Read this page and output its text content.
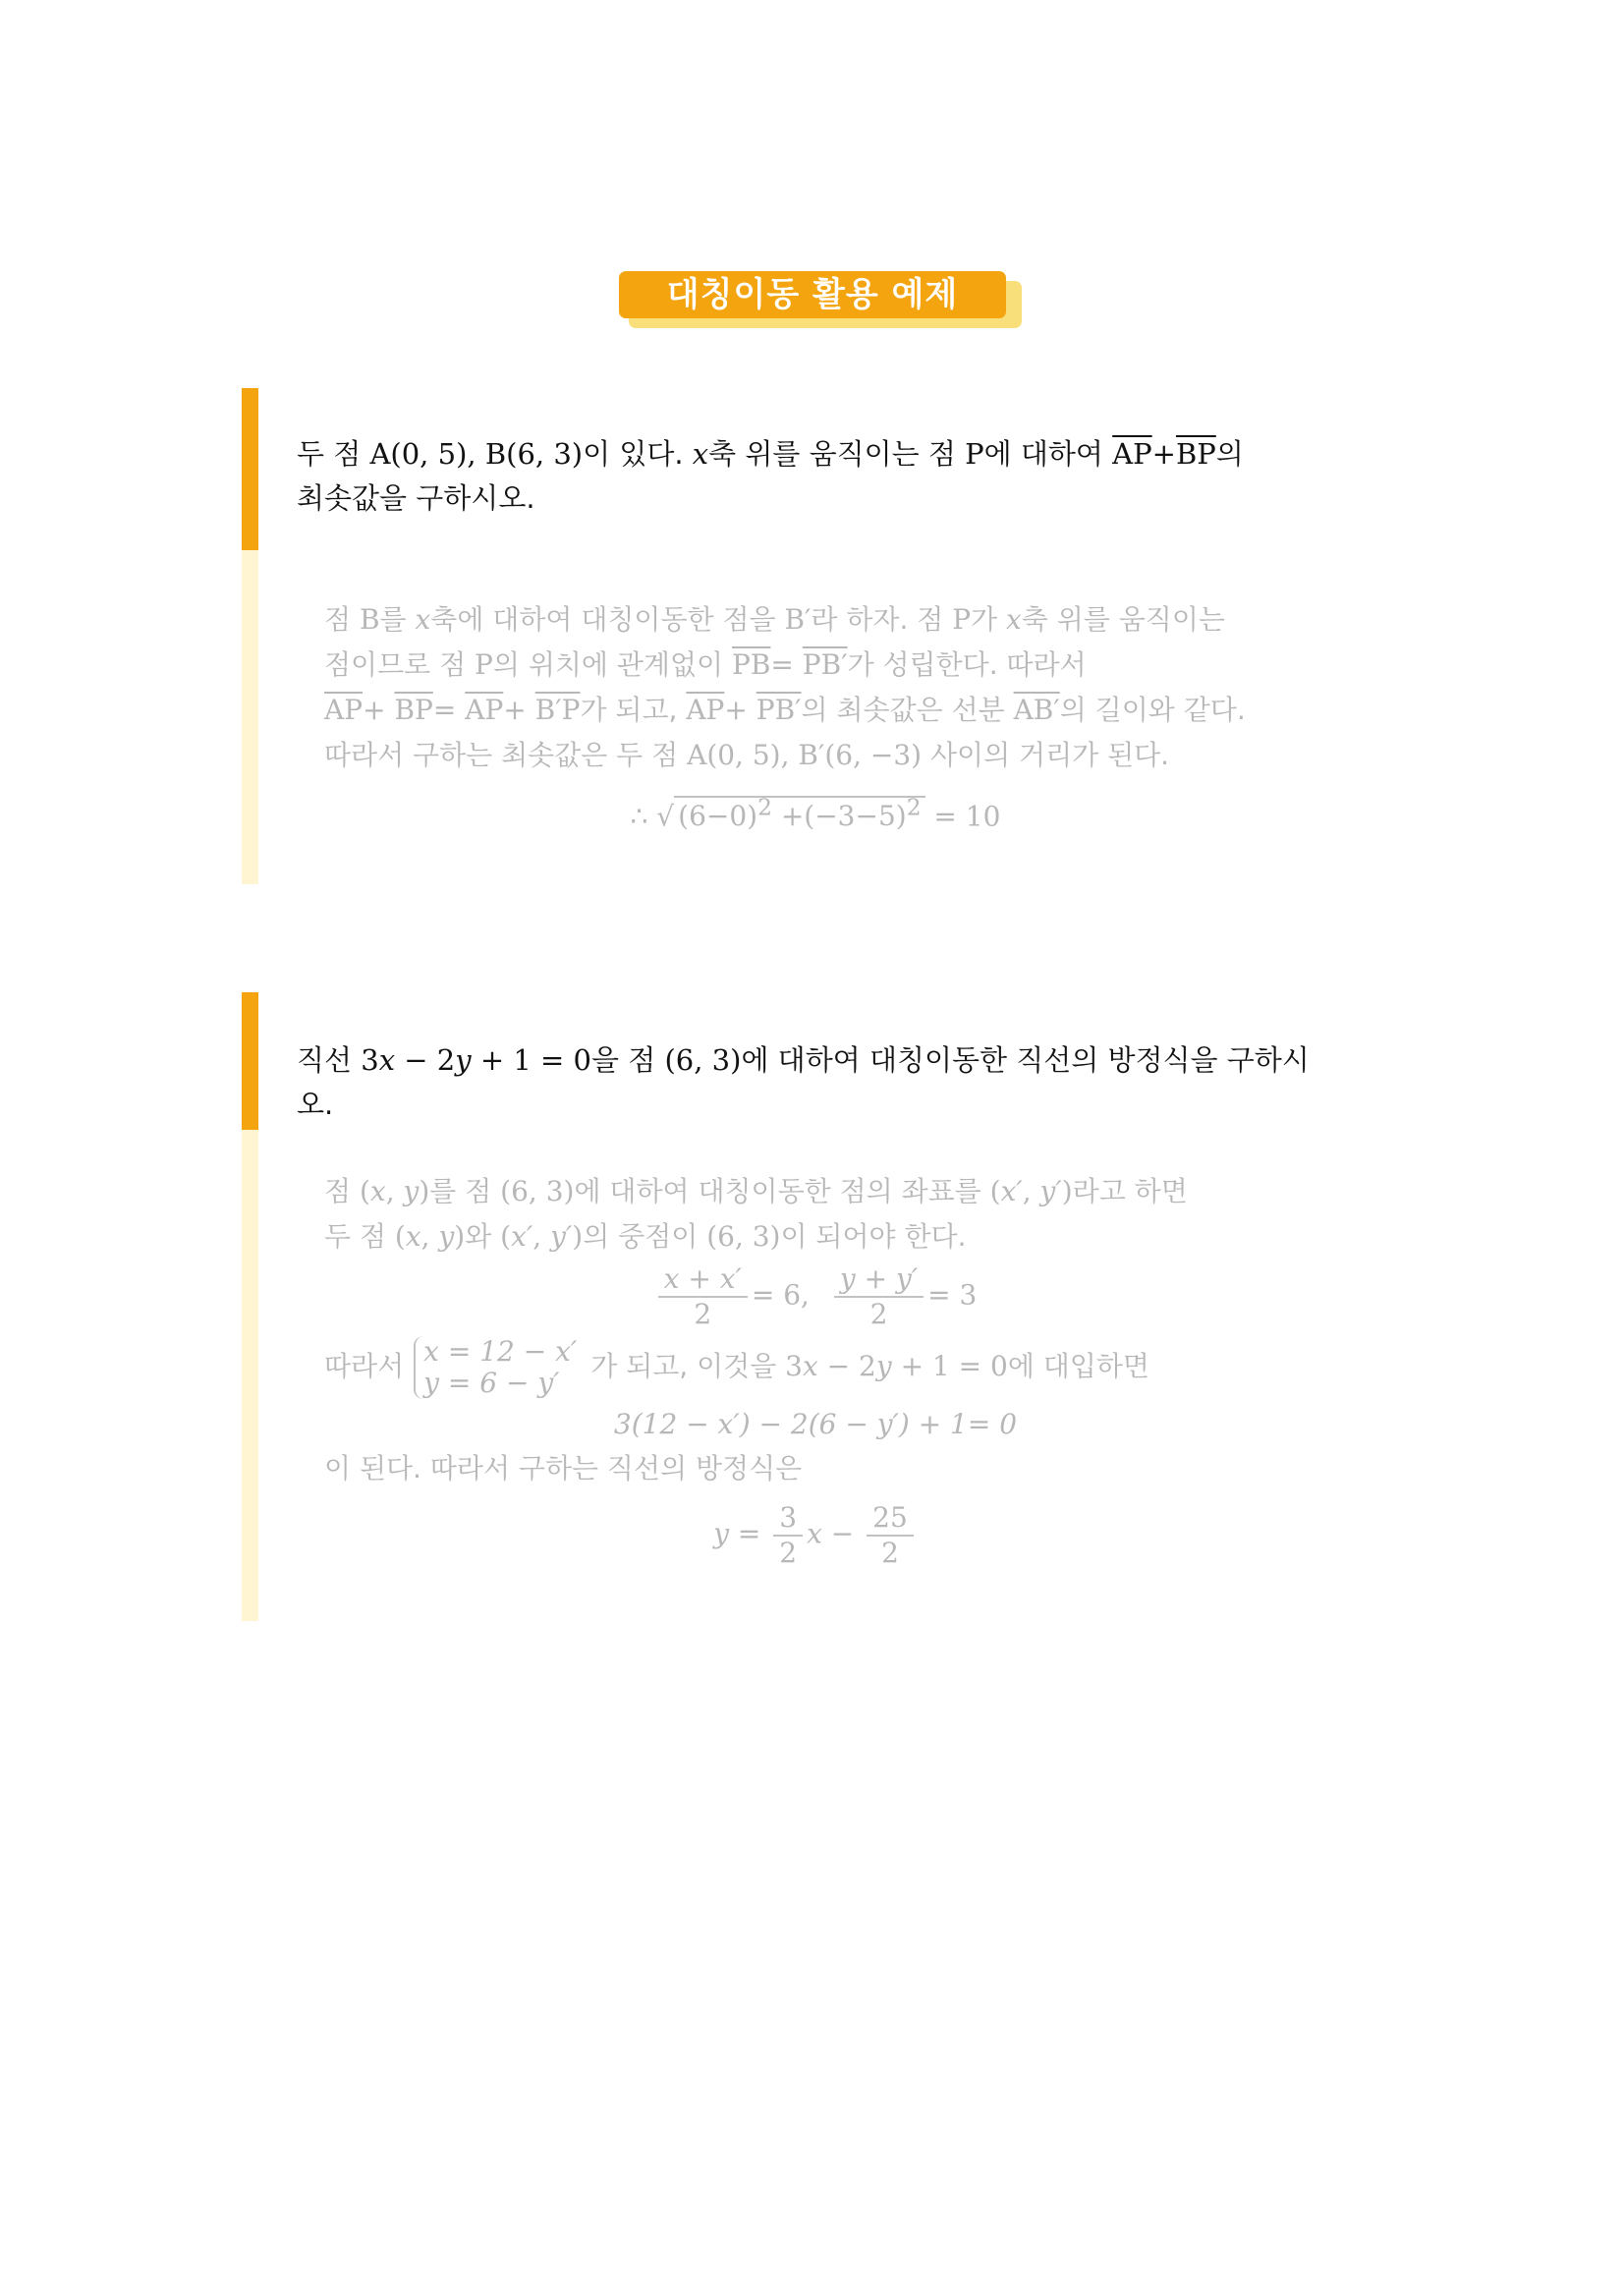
대칭이동 활용 예제
두 점 A(0, 5), B(6, 3)이 있다. x축 위를 움직이는 점 P에 대하여 $\overline{AP}+\overline{BP}$의
최솟값을 구하시오.
점 B를 x축에 대하여 대칭이동한 점을 B′라 하자. 점 P가 x축 위를 움직이는
점이므로 점 P의 위치에 관계없이 $\overline{PB}= PB'$가 성립한다. 따라서
$\overline{AP}+ \overline{BP}= \overline{AP}+ B'P$가 되고, $\overline{AP}+ PB'$의 최솟값은 선분 AB′의 길이와 같다.
따라서 구하는 최솟값은 두 점 A(0, 5), B′(6, −3) 사이의 거리가 된다.
∴ √ $(6-0)^2 +(-3-5)^2 = 10$
직선 3x − 2y + 1 = 0을 점 (6, 3)에 대하여 대칭이동한 직선의 방정식을 구하시오.
점 (x, y)를 점 (6, 3)에 대하여 대칭이동한 점의 좌표를 (x′, y′)라고 하면
두 점 (x, y)와 (x′, y′)의 중점이 (6, 3)이 되어야 한다.
$\frac{x + x'}{2} = 6$, $\frac{y + y'}{2} = 3$
따라서 x = 12 − x′
y = 6 − y′
가 되고, 이것을 3x − 2y + 1 = 0에 대입하면
3(12 − x′) − 2(6 − y′) + 1= 0
이 된다. 따라서 구하는 직선의 방정식은
$y = \frac{3}{2}$ $x - \frac{25}{2}$
